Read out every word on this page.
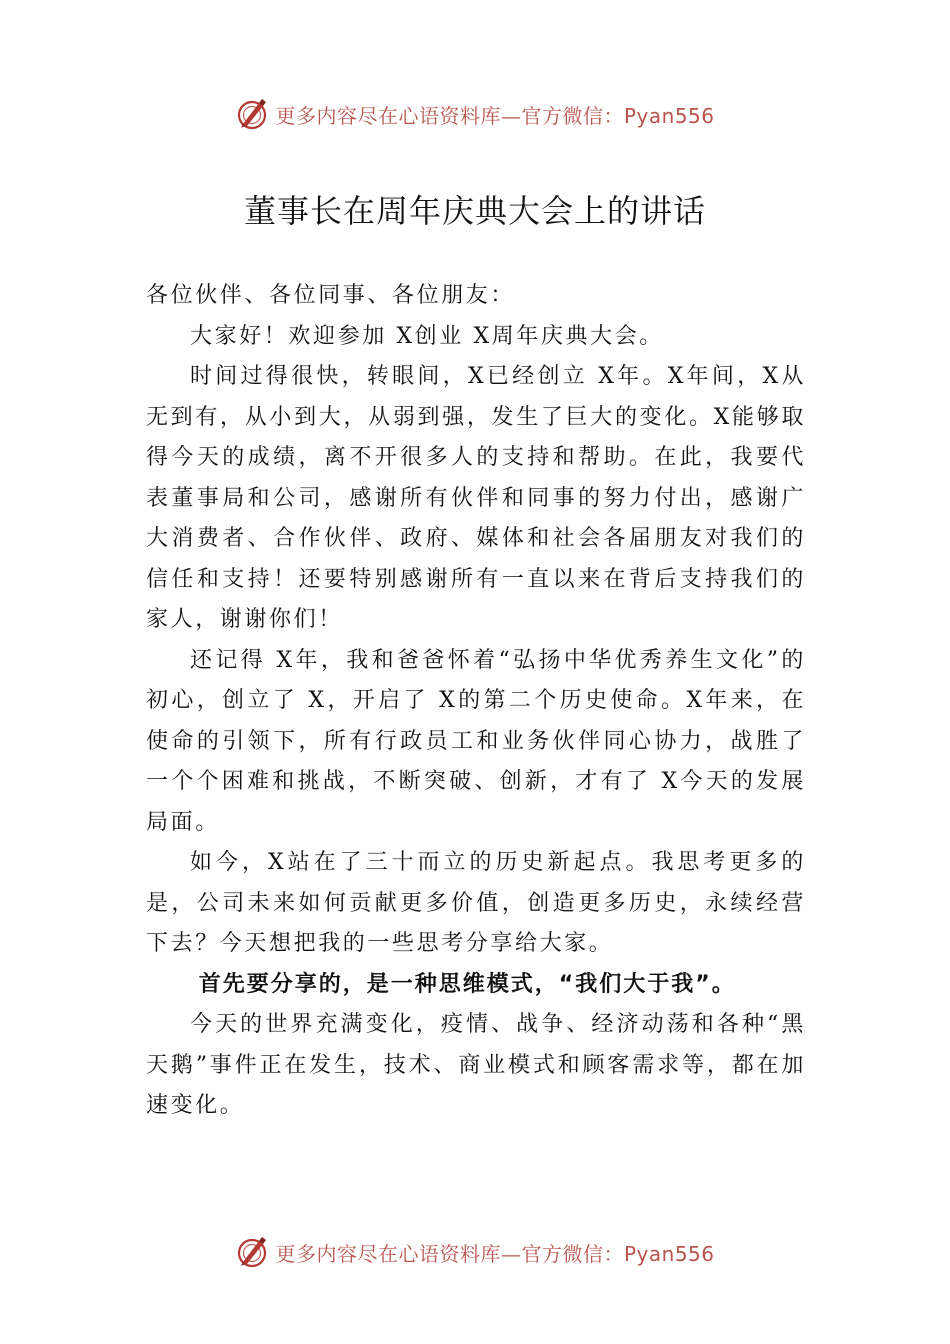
更多内容尽在心语资料库—官方微信：Pyan556
董事长在周年庆典大会上的讲话

各位伙伴、各位同事、各位朋友：

大家好！欢迎参加 X创业 X周年庆典大会。

时间过得很快，转眼间，X已经创立 X年。X年间，X从无到有，从小到大，从弱到强，发生了巨大的变化。X能够取得今天的成绩，离不开很多人的支持和帮助。在此，我要代表董事局和公司，感谢所有伙伴和同事的努力付出，感谢广大消费者、合作伙伴、政府、媒体和社会各届朋友对我们的信任和支持！还要特别感谢所有一直以来在背后支持我们的家人，谢谢你们！

还记得 X年，我和爸爸怀着“弘扬中华优秀养生文化”的初心，创立了 X，开启了 X的第二个历史使命。X年来，在使命的引领下，所有行政员工和业务伙伴同心协力，战胜了一个个困难和挑战，不断突破、创新，才有了 X今天的发展局面。

如今，X站在了三十而立的历史新起点。我思考更多的是，公司未来如何贡献更多价值，创造更多历史，永续经营下去？今天想把我的一些思考分享给大家。

首先要分享的，是一种思维模式，“我们大于我”。

今天的世界充满变化，疫情、战争、经济动荡和各种“黑天鹅”事件正在发生，技术、商业模式和顾客需求等，都在加速变化。

更多内容尽在心语资料库—官方微信：Pyan556
